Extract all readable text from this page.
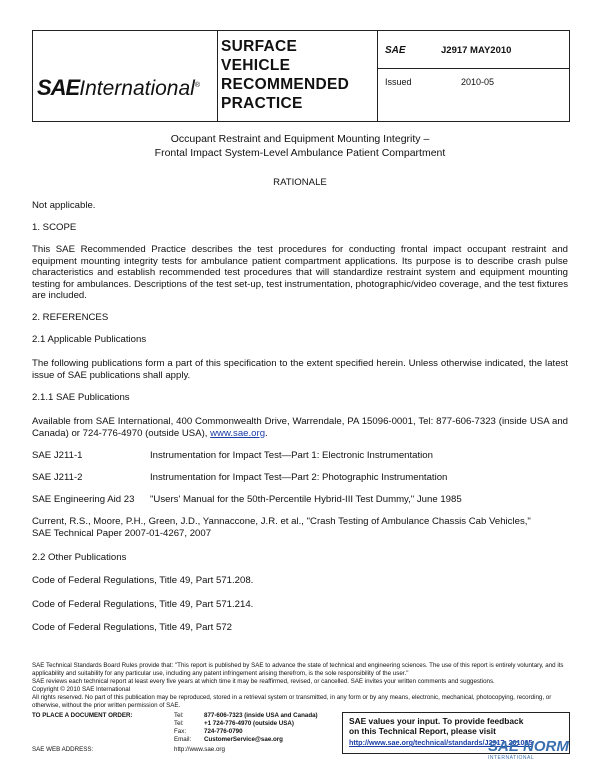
SAEInternational®
SURFACE
VEHICLE
RECOMMENDED
PRACTICE
SAE	J2917 MAY2010
Issued	2010-05
Occupant Restraint and Equipment Mounting Integrity –
Frontal Impact System-Level Ambulance Patient Compartment
RATIONALE
Not applicable.
1. SCOPE

This SAE Recommended Practice describes the test procedures for conducting frontal impact occupant restraint and equipment mounting integrity tests for ambulance patient compartment applications. Its purpose is to describe crash pulse characteristics and establish recommended test procedures that will standardize restraint system and equipment mounting testing for ambulances. Descriptions of the test set-up, test instrumentation, photographic/video coverage, and the test fixtures are included.

2. REFERENCES
2.1 Applicable Publications

The following publications form a part of this specification to the extent specified herein. Unless otherwise indicated, the latest issue of SAE publications shall apply.

2.1.1 SAE Publications

Available from SAE International, 400 Commonwealth Drive, Warrendale, PA 15096-0001, Tel: 877-606-7323 (inside USA and Canada) or 724-776-4970 (outside USA), www.sae.org.

SAE J211-1	Instrumentation for Impact Test—Part 1: Electronic Instrumentation
SAE J211-2	Instrumentation for Impact Test—Part 2: Photographic Instrumentation
SAE Engineering Aid 23 "Users' Manual for the 50th-Percentile Hybrid-III Test Dummy," June 1985
Current, R.S., Moore, P.H., Green, J.D., Yannaccone, J.R. et al., "Crash Testing of Ambulance Chassis Cab Vehicles,"
SAE Technical Paper 2007-01-4267, 2007
2.2 Other Publications
Code of Federal Regulations, Title 49, Part 571.208.
Code of Federal Regulations, Title 49, Part 571.214.
Code of Federal Regulations, Title 49, Part 572
SAE Technical Standards Board Rules provide that: "This report is published by SAE to advance the state of technical and engineering sciences. The use of this report is entirely voluntary, and its applicability and suitability for any particular use, including any patent infringement arising therefrom, is the sole responsibility of the user."
SAE reviews each technical report at least every five years at which time it may be reaffirmed, revised, or cancelled. SAE invites your written comments and suggestions.
Copyright © 2010 SAE International
All rights reserved. No part of this publication may be reproduced, stored in a retrieval system or transmitted, in any form or by any means, electronic, mechanical, photocopying, recording, or otherwise, without the prior written permission of SAE.
TO PLACE A DOCUMENT ORDER:
SAE WEB ADDRESS:
Tel:	877-606-7323 (inside USA and Canada)
Tel:	+1 724-776-4970 (outside USA)
Fax:	724-776-0790
Email: CustomerService@sae.org
http://www.sae.org
SAE values your input. To provide feedback
on this Technical Report, please visit
http://www.sae.org/technical/standards/J2917_201005
SAE NORM
INTERNATIONAL
